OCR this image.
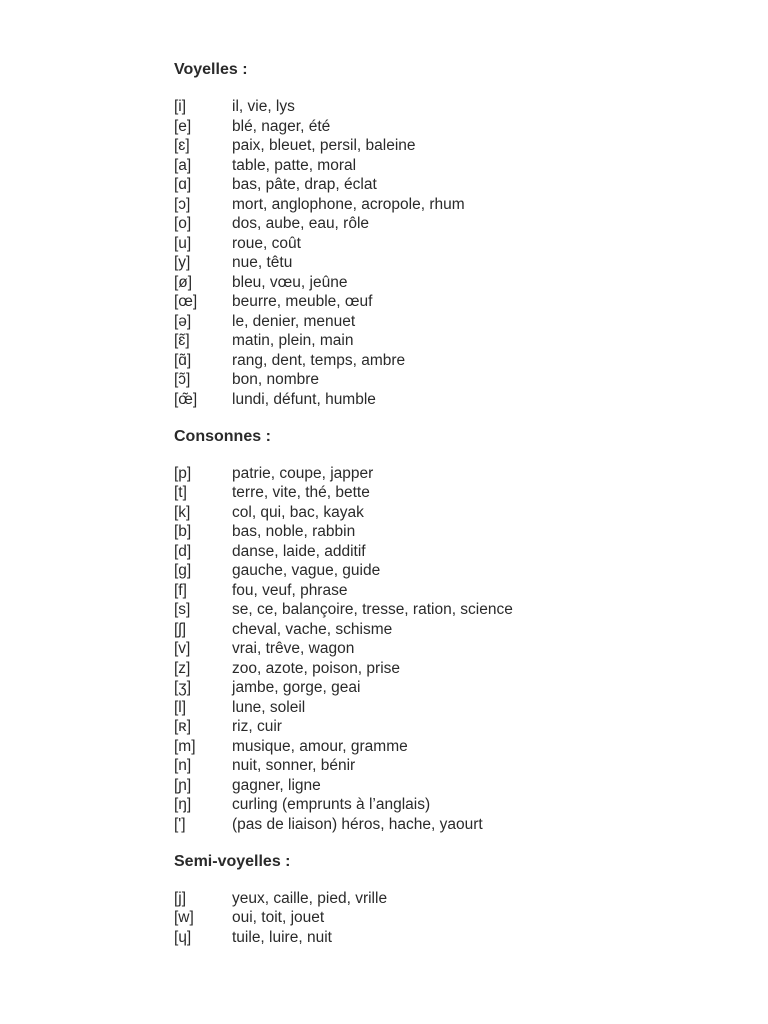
Voyelles :
[i]	il, vie, lys
[e]	blé, nager, été
[ɛ]	paix, bleuet, persil, baleine
[a]	table, patte, moral
[ɑ]	bas, pâte, drap, éclat
[ɔ]	mort, anglophone, acropole, rhum
[o]	dos, aube, eau, rôle
[u]	roue, coût
[y]	nue, têtu
[ø]	bleu, vœu, jeûne
[œ]	beurre, meuble, œuf
[ə]	le, denier, menuet
[ɛ̃]	matin, plein, main
[ɑ̃]	rang, dent, temps, ambre
[ɔ̃]	bon, nombre
[œ̃]	lundi, défunt, humble
Consonnes :
[p]	patrie, coupe, japper
[t]	terre, vite, thé, bette
[k]	col, qui, bac, kayak
[b]	bas, noble, rabbin
[d]	danse, laide, additif
[g]	gauche, vague, guide
[f]	fou, veuf, phrase
[s]	se, ce, balançoire, tresse, ration, science
[ʃ]	cheval, vache, schisme
[v]	vrai, trêve, wagon
[z]	zoo, azote, poison, prise
[ʒ]	jambe, gorge, geai
[l]	lune, soleil
[ʀ]	riz, cuir
[m]	musique, amour, gramme
[n]	nuit, sonner, bénir
[ɲ]	gagner, ligne
[ŋ]	curling (emprunts à l’anglais)
[']	(pas de liaison) héros, hache, yaourt
Semi-voyelles :
[j]	yeux, caille, pied, vrille
[w]	oui, toit, jouet
[ɥ]	tuile, luire, nuit
